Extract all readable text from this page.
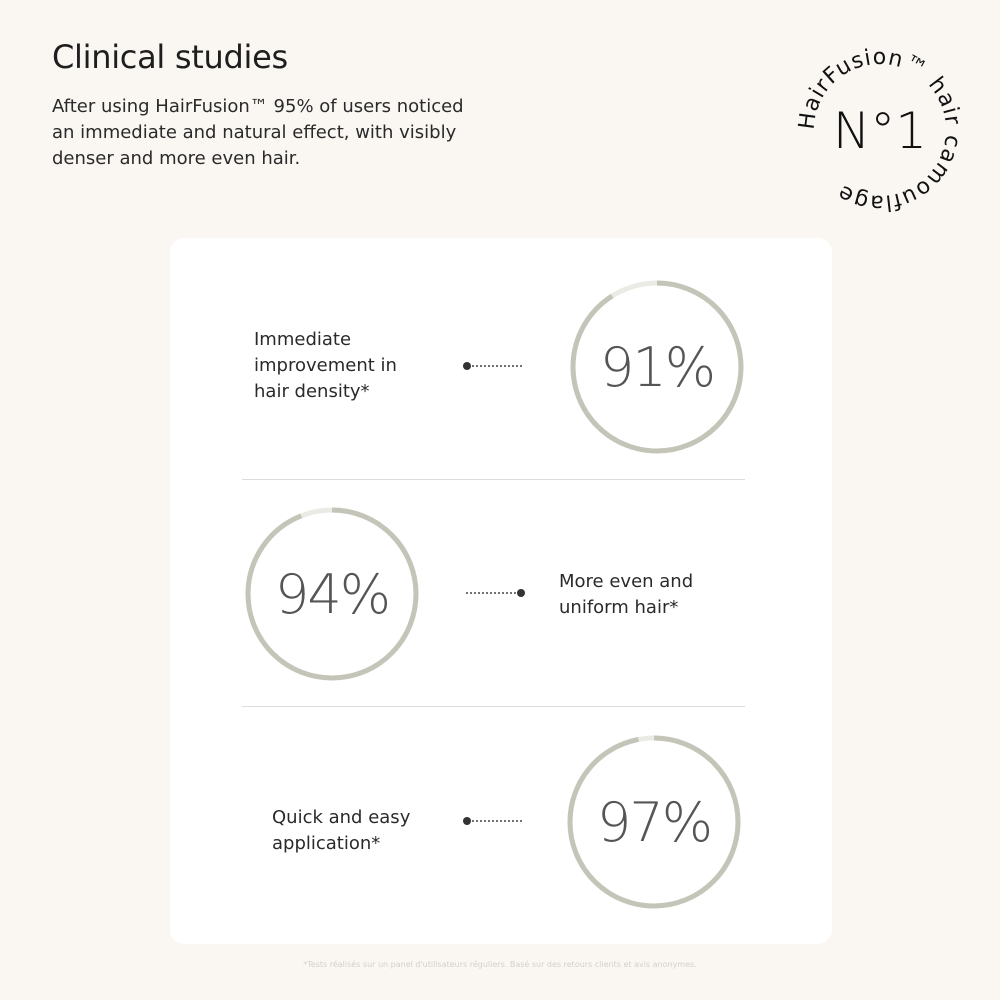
Clinical studies

After using HairFusion™ 95% of users noticed an immediate and natural effect, with visibly denser and more even hair.

HairFusion™ hair camouflage
N°1

Immediate improvement in hair density*	91%
94%	More even and uniform hair*

Quick and easy application*	97%

*Tests réalisés sur un panel d'utilisateurs réguliers. Basé sur des retours clients et avis anonymes.
